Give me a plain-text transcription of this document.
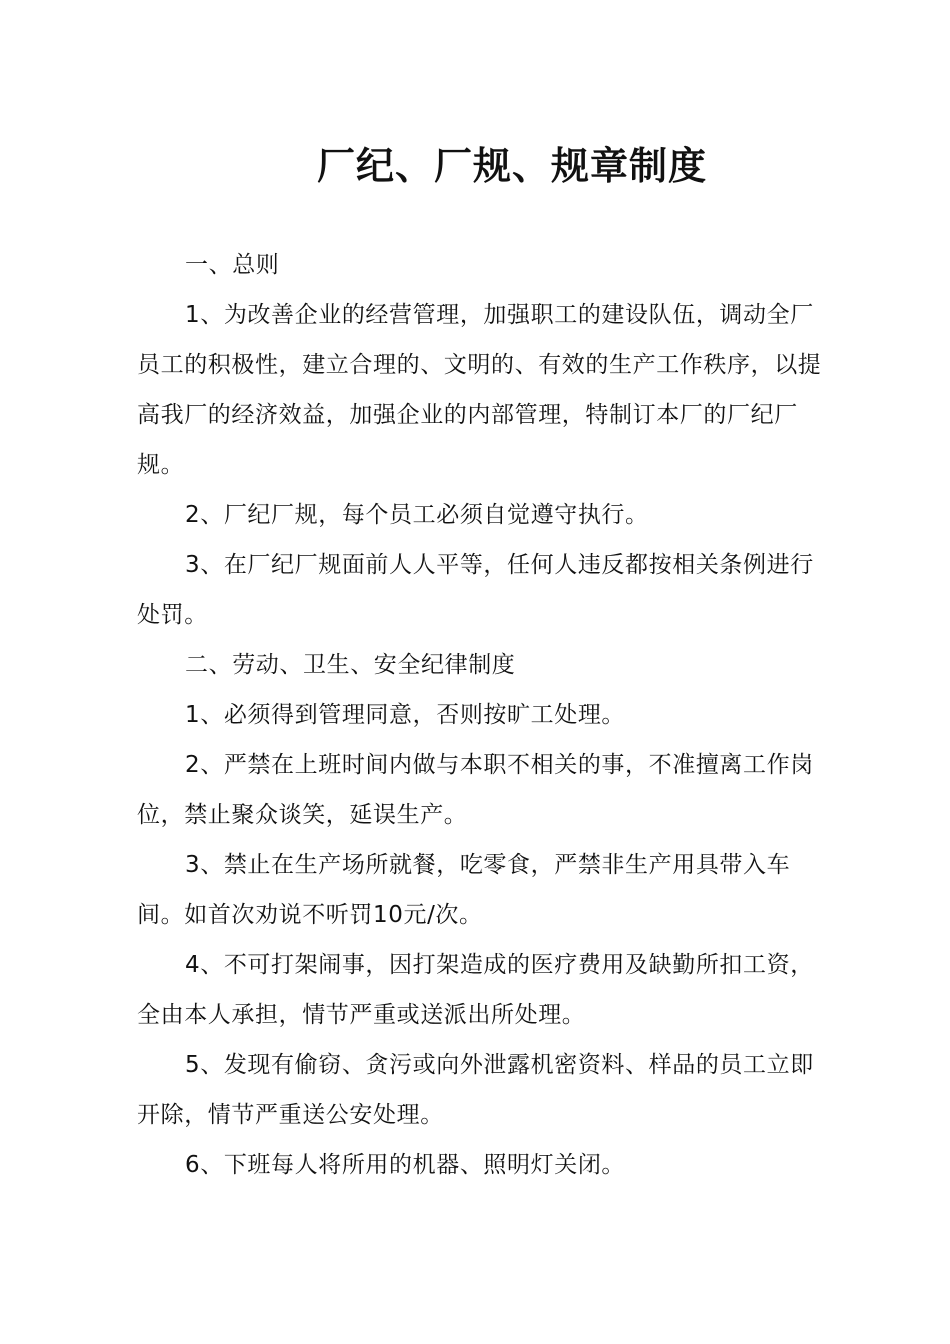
厂纪、厂规、规章制度

一、总则

1、为改善企业的经营管理，加强职工的建设队伍，调动全厂员工的积极性，建立合理的、文明的、有效的生产工作秩序，以提高我厂的经济效益，加强企业的内部管理，特制订本厂的厂纪厂规。

2、厂纪厂规，每个员工必须自觉遵守执行。

3、在厂纪厂规面前人人平等，任何人违反都按相关条例进行处罚。

二、劳动、卫生、安全纪律制度

1、必须得到管理同意，否则按旷工处理。

2、严禁在上班时间内做与本职不相关的事，不准擅离工作岗位，禁止聚众谈笑，延误生产。

3、禁止在生产场所就餐，吃零食，严禁非生产用具带入车间。如首次劝说不听罚10元/次。

4、不可打架闹事，因打架造成的医疗费用及缺勤所扣工资，全由本人承担，情节严重或送派出所处理。

5、发现有偷窃、贪污或向外泄露机密资料、样品的员工立即开除，情节严重送公安处理。

6、下班每人将所用的机器、照明灯关闭。
